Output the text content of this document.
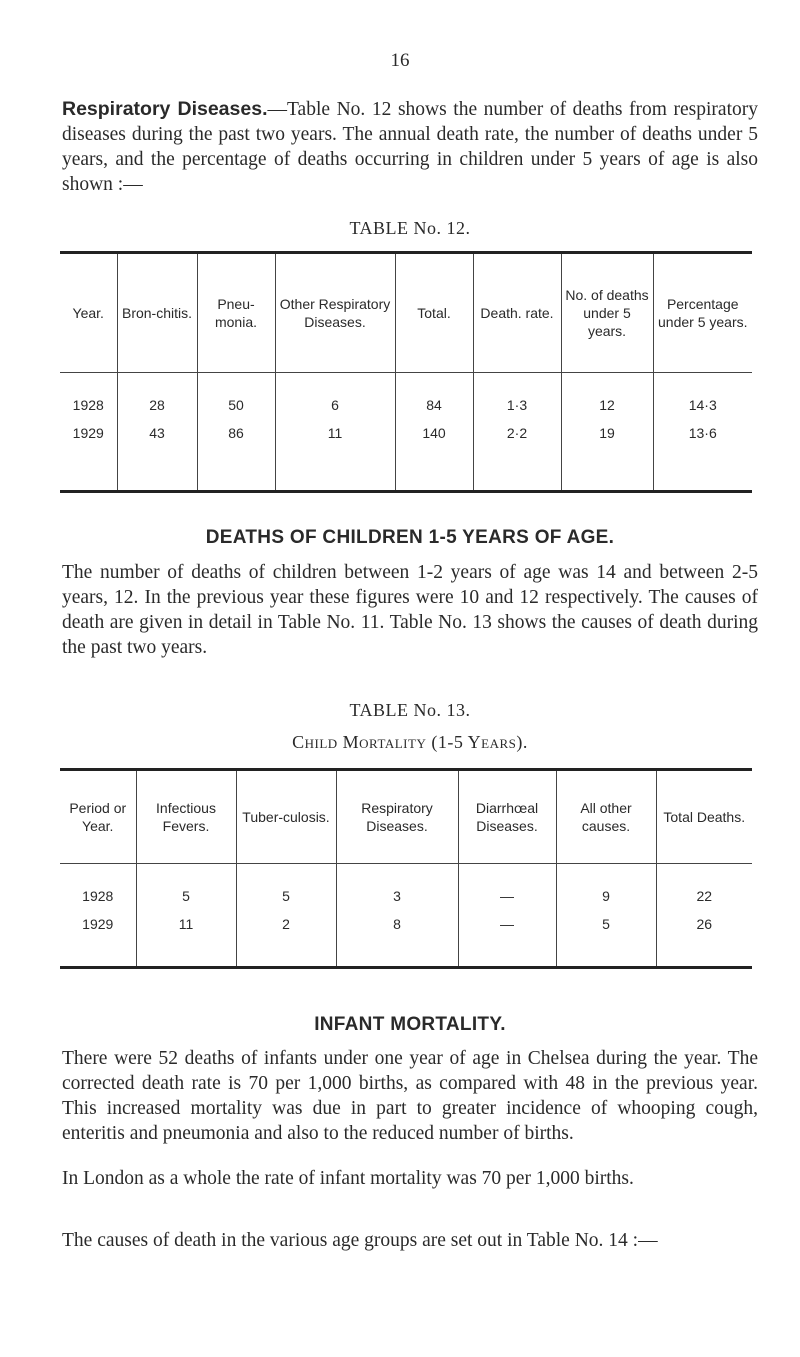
16

Respiratory Diseases.—Table No. 12 shows the number of deaths from respiratory diseases during the past two years. The annual death rate, the number of deaths under 5 years, and the percentage of deaths occurring in children under 5 years of age is also shown :—

TABLE No. 12.
Year.	Bron-chitis.	Pneu-monia.	Other Respiratory Diseases.	Total.	Death. rate.	No. of deaths under 5 years.	Percentage under 5 years.

1928	28	50	6	84	1·3	12	14·3
1929	43	86	11	140	2·2	19	13·6

DEATHS OF CHILDREN 1-5 YEARS OF AGE.

The number of deaths of children between 1-2 years of age was 14 and between 2-5 years, 12. In the previous year these figures were 10 and 12 respectively. The causes of death are given in detail in Table No. 11. Table No. 13 shows the causes of death during the past two years.

TABLE No. 13.
Child Mortality (1-5 Years).
Period or Year.	Infectious Fevers.	Tuber-culosis.	Respiratory Diseases.	Diarrhœal Diseases.	All other causes.	Total Deaths.

1928	5	5	3	—	9	22
1929	11	2	8	—	5	26

INFANT MORTALITY.

There were 52 deaths of infants under one year of age in Chelsea during the year. The corrected death rate is 70 per 1,000 births, as compared with 48 in the previous year. This increased mortality was due in part to greater incidence of whooping cough, enteritis and pneumonia and also to the reduced number of births.

In London as a whole the rate of infant mortality was 70 per 1,000 births.

The causes of death in the various age groups are set out in Table No. 14 :—
